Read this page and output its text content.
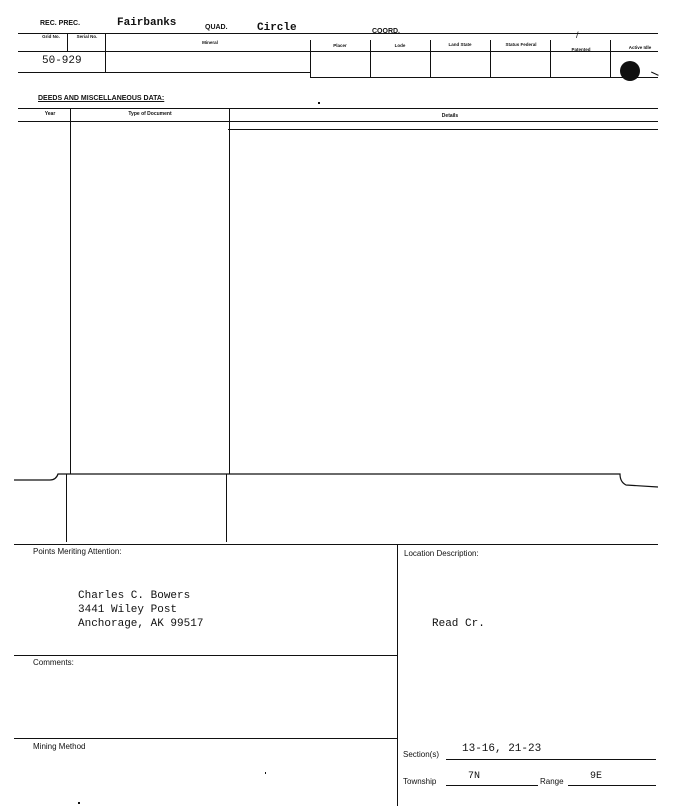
REC. PREC.	Fairbanks	QUAD.	Circle	COORD.	/
Grid No.	Serial No.
Mineral
Placer	Lode	Land State	Status Federal
Patented	Active Idle
50-929
DEEDS AND MISCELLANEOUS DATA:
Year	Type of Document	Details
Points Meriting Attention:
Charles C. Bowers
3441 Wiley Post
Anchorage, AK 99517
Location Description:
Read Cr.
Comments:
Mining Method
Section(s) 13-16, 21-23
Township	7N	Range	9E
